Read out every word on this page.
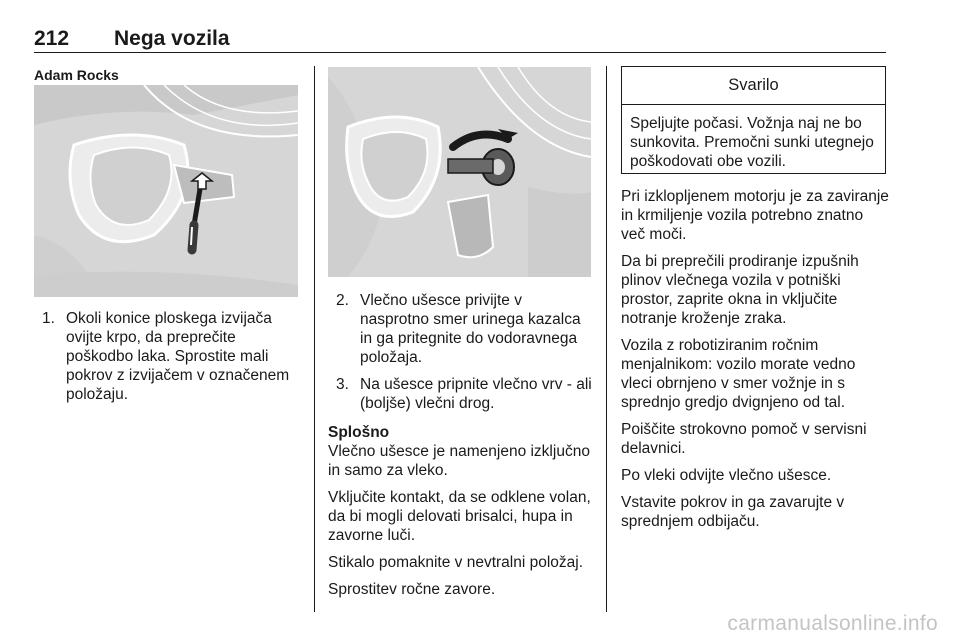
212 Nega vozila
Adam Rocks
1. Okoli konice ploskega izvijača ovijte krpo, da preprečite poškodbo laka. Sprostite mali pokrov z izvijačem v označenem položaju.
2. Vlečno ušesce privijte v nasprotno smer urinega kazalca in ga pritegnite do vodoravnega položaja.
3. Na ušesce pripnite vlečno vrv - ali (boljše) vlečni drog.

Splošno
Vlečno ušesce je namenjeno izključno in samo za vleko.

Vključite kontakt, da se odklene volan, da bi mogli delovati brisalci, hupa in zavorne luči.

Stikalo pomaknite v nevtralni položaj.

Sprostitev ročne zavore.

Svarilo
Speljujte počasi. Vožnja naj ne bo sunkovita. Premočni sunki utegnejo poškodovati obe vozili.

Pri izklopljenem motorju je za zaviranje in krmiljenje vozila potrebno znatno več moči.

Da bi preprečili prodiranje izpušnih plinov vlečnega vozila v potniški prostor, zaprite okna in vključite notranje kroženje zraka.

Vozila z robotiziranim ročnim menjalnikom: vozilo morate vedno vleci obrnjeno v smer vožnje in s sprednjo gredjo dvignjeno od tal.

Poiščite strokovno pomoč v servisni delavnici.

Po vleki odvijte vlečno ušesce.

Vstavite pokrov in ga zavarujte v sprednjem odbijaču.

carmanualsonline.info
